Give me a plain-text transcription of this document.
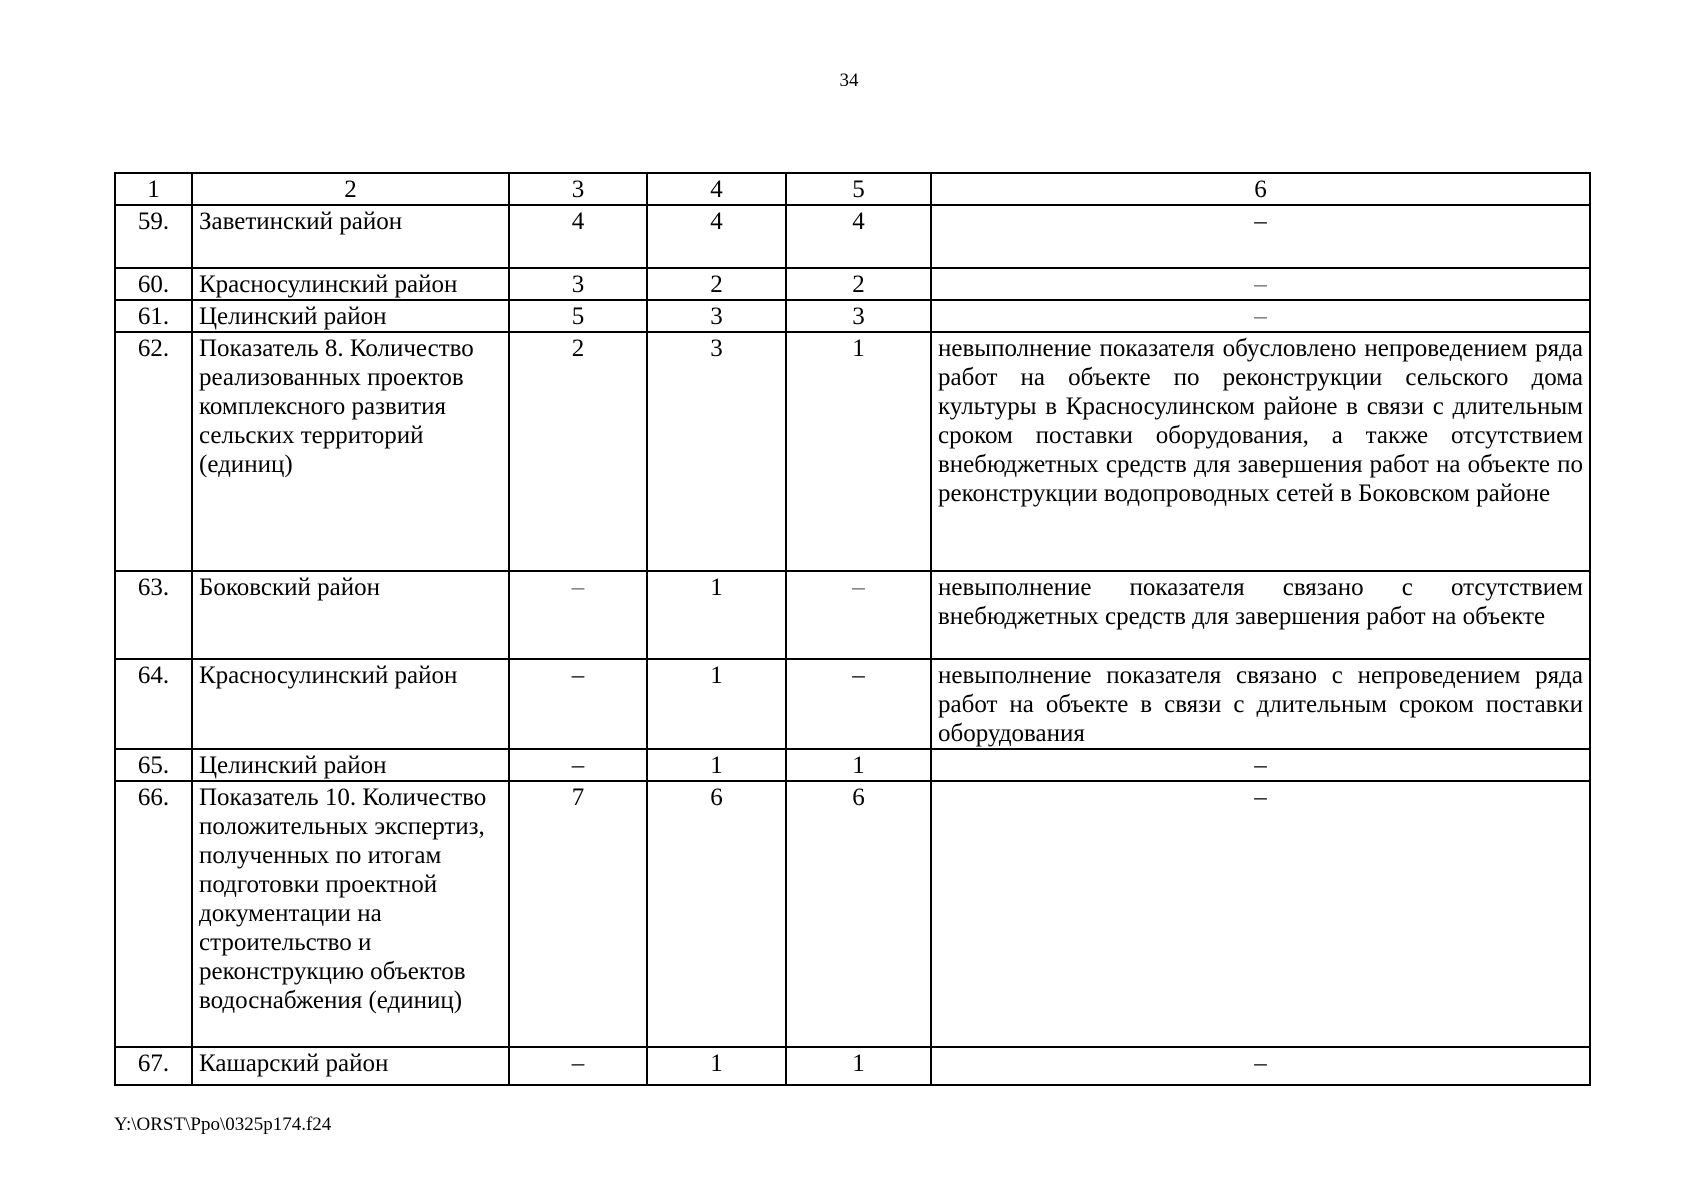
34
1	2	3	4	5	6
59.	Заветинский район	4	4	4	–
60.	Красносулинский район	3	2	2	–
61.	Целинский район	5	3	3	–
62.	Показатель 8. Количество реализованных проектов комплексного развития сельских территорий (единиц)	2	3	1	невыполнение показателя обусловлено непроведением ряда работ на объекте по реконструкции сельского дома культуры в Красносулинском районе в связи с длительным сроком поставки оборудования, а также отсутствием внебюджетных средств для завершения работ на объекте по реконструкции водопроводных сетей в Боковском районе
63.	Боковский район	–	1	–	невыполнение показателя связано с отсутствием внебюджетных средств для завершения работ на объекте
64.	Красносулинский район	–	1	–	невыполнение показателя связано с непроведением ряда работ на объекте в связи с длительным сроком поставки оборудования
65.	Целинский район	–	1	1	–
66.	Показатель 10. Количество положительных экспертиз, полученных по итогам подготовки проектной документации на строительство и реконструкцию объектов водоснабжения (единиц)	7	6	6	–
67.	Кашарский район	–	1	1	–
Y:\ORST\Ppo\0325p174.f24
